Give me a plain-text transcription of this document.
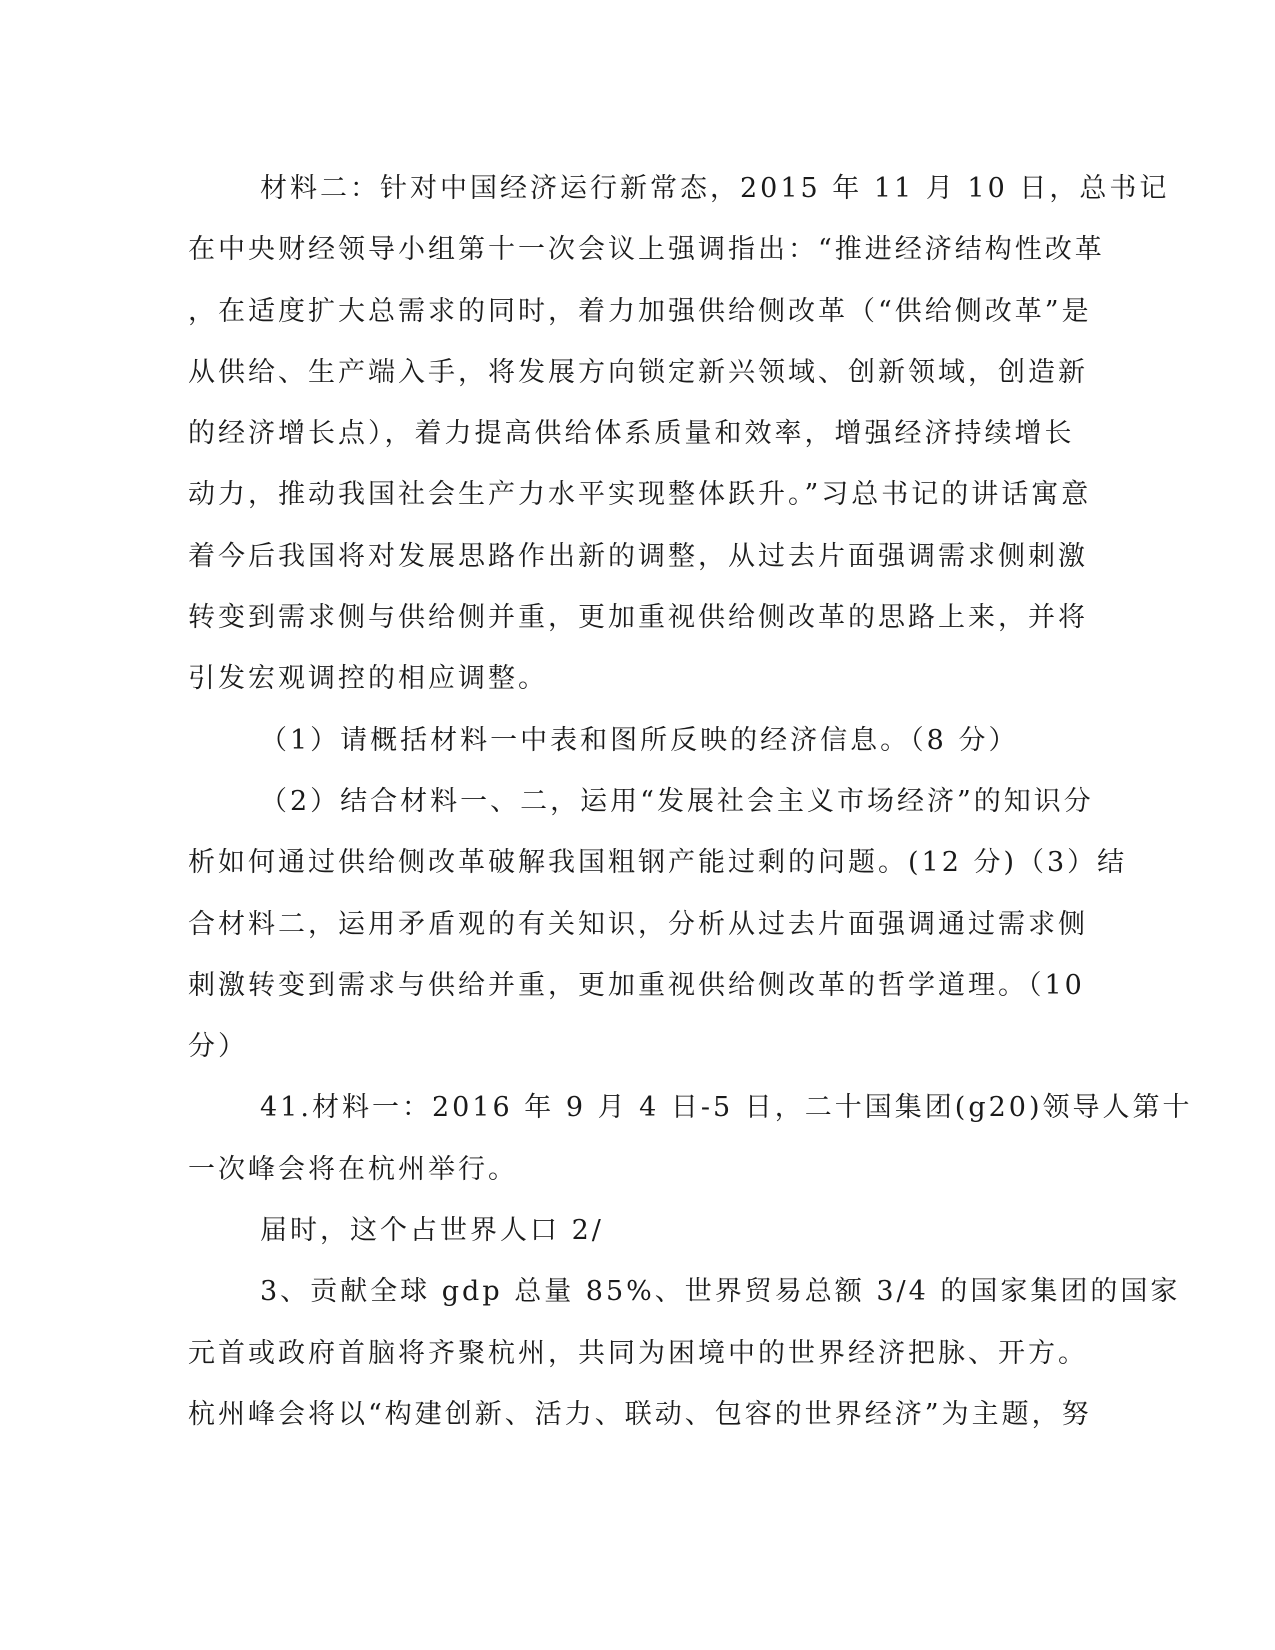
材料二：针对中国经济运行新常态，2015 年 11 月 10 日，总书记
在中央财经领导小组第十一次会议上强调指出：“推进经济结构性改革
，在适度扩大总需求的同时，着力加强供给侧改革（“供给侧改革”是
从供给、生产端入手，将发展方向锁定新兴领域、创新领域，创造新
的经济增长点），着力提高供给体系质量和效率，增强经济持续增长
动力，推动我国社会生产力水平实现整体跃升。”习总书记的讲话寓意
着今后我国将对发展思路作出新的调整，从过去片面强调需求侧刺激
转变到需求侧与供给侧并重，更加重视供给侧改革的思路上来，并将
引发宏观调控的相应调整。
（1）请概括材料一中表和图所反映的经济信息。（8 分）
（2）结合材料一、二，运用“发展社会主义市场经济”的知识分
析如何通过供给侧改革破解我国粗钢产能过剩的问题。(12 分)（3）结
合材料二，运用矛盾观的有关知识，分析从过去片面强调通过需求侧
刺激转变到需求与供给并重，更加重视供给侧改革的哲学道理。（10
分）
41.材料一：2016 年 9 月 4 日-5 日，二十国集团(g20)领导人第十
一次峰会将在杭州举行。
届时，这个占世界人口 2/
3、贡献全球 gdp 总量 85%、世界贸易总额 3/4 的国家集团的国家
元首或政府首脑将齐聚杭州，共同为困境中的世界经济把脉、开方。
杭州峰会将以“构建创新、活力、联动、包容的世界经济”为主题，努
